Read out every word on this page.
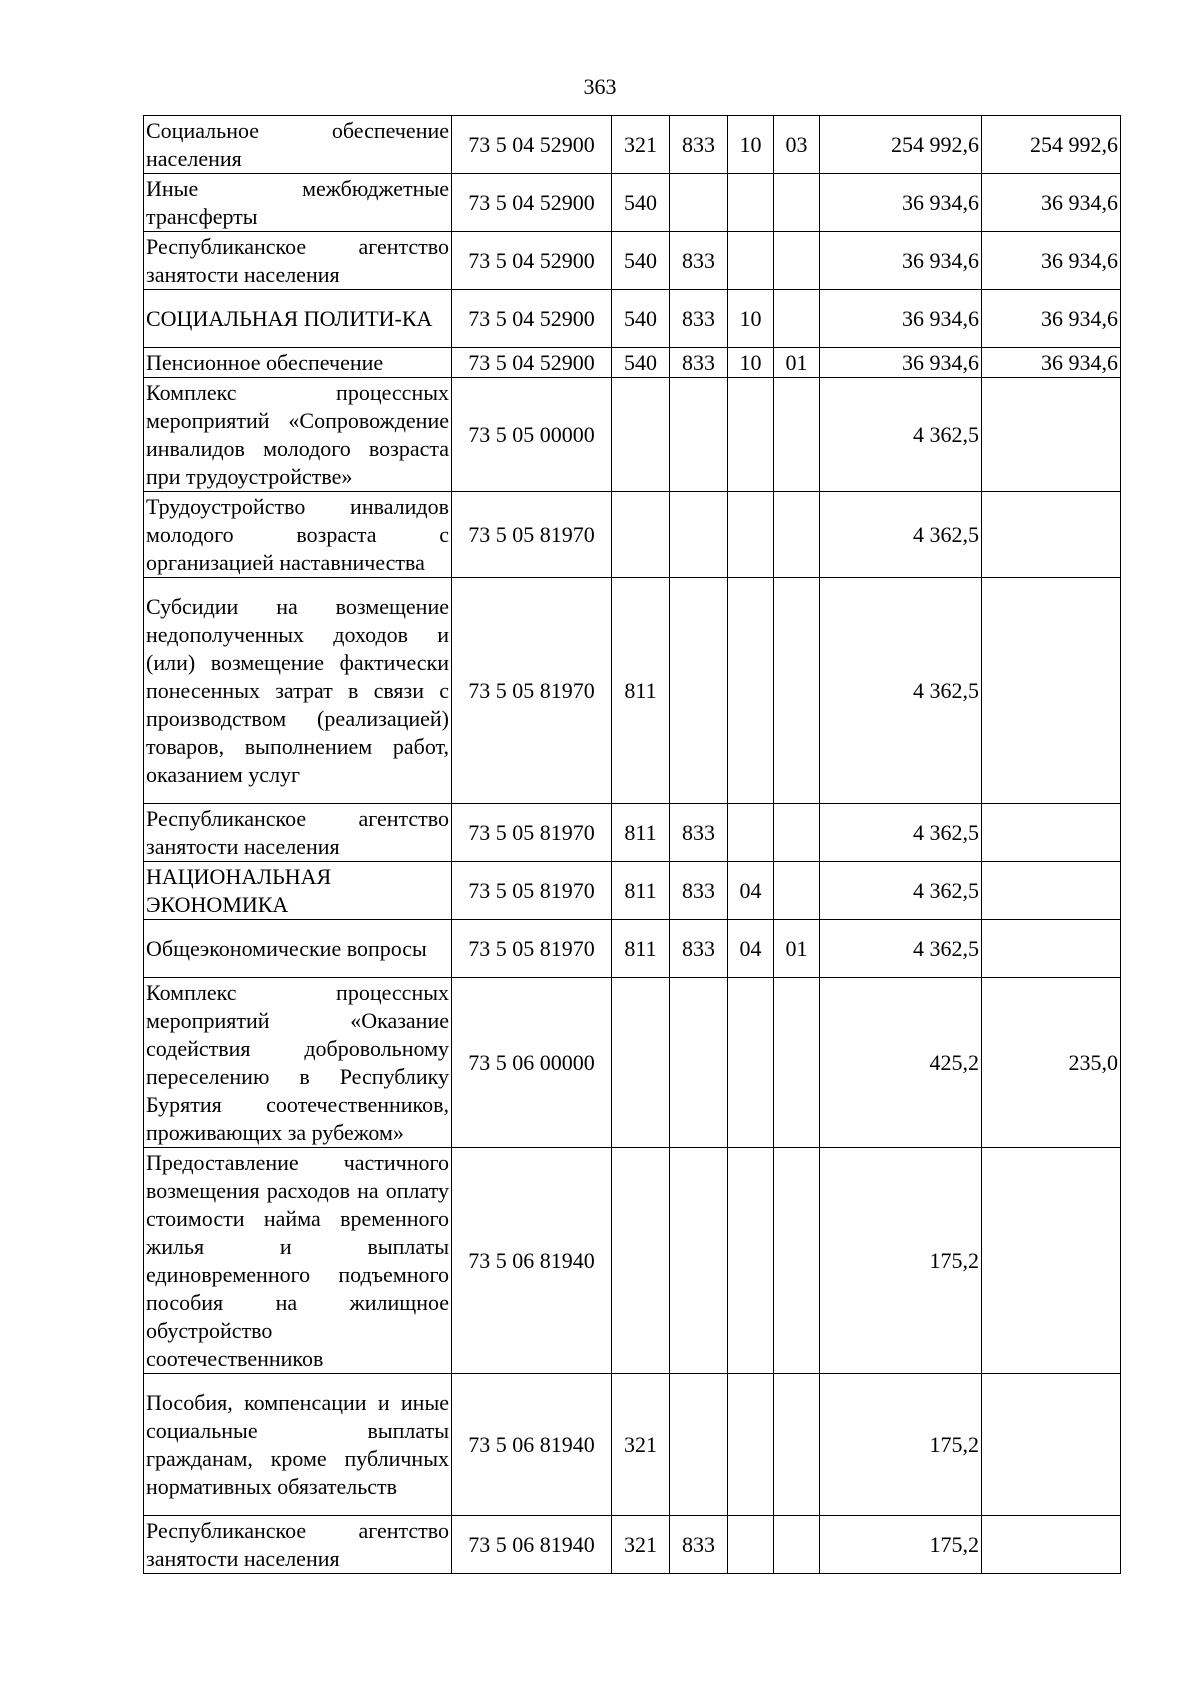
363
Социальное обеспечение населения	73 5 04 52900	321	833	10	03	254 992,6	254 992,6
Иные межбюджетные трансферты	73 5 04 52900	540				36 934,6	36 934,6
Республиканское агентство занятости населения	73 5 04 52900	540	833			36 934,6	36 934,6
СОЦИАЛЬНАЯ ПОЛИТИ-КА	73 5 04 52900	540	833	10		36 934,6	36 934,6
Пенсионное обеспечение	73 5 04 52900	540	833	10	01	36 934,6	36 934,6
Комплекс процессных мероприятий «Сопровождение инвалидов молодого возраста при трудоустройстве»	73 5 05 00000					4 362,5	
Трудоустройство инвалидов молодого возраста с организацией наставничества	73 5 05 81970					4 362,5	
Субсидии на возмещение недополученных доходов и (или) возмещение фактически понесенных затрат в связи с производством (реализацией) товаров, выполнением работ, оказанием услуг	73 5 05 81970	811				4 362,5	
Республиканское агентство занятости населения	73 5 05 81970	811	833			4 362,5	
НАЦИОНАЛЬНАЯ ЭКОНОМИКА	73 5 05 81970	811	833	04		4 362,5	
Общеэкономические вопросы	73 5 05 81970	811	833	04	01	4 362,5	
Комплекс процессных мероприятий «Оказание содействия добровольному переселению в Республику Бурятия соотечественников, проживающих за рубежом»	73 5 06 00000					425,2	235,0
Предоставление частичного возмещения расходов на оплату стоимости найма временного жилья и выплаты единовременного подъемного пособия на жилищное обустройство соотечественников	73 5 06 81940					175,2	
Пособия, компенсации и иные социальные выплаты гражданам, кроме публичных нормативных обязательств	73 5 06 81940	321				175,2	
Республиканское агентство занятости населения	73 5 06 81940	321	833			175,2	
